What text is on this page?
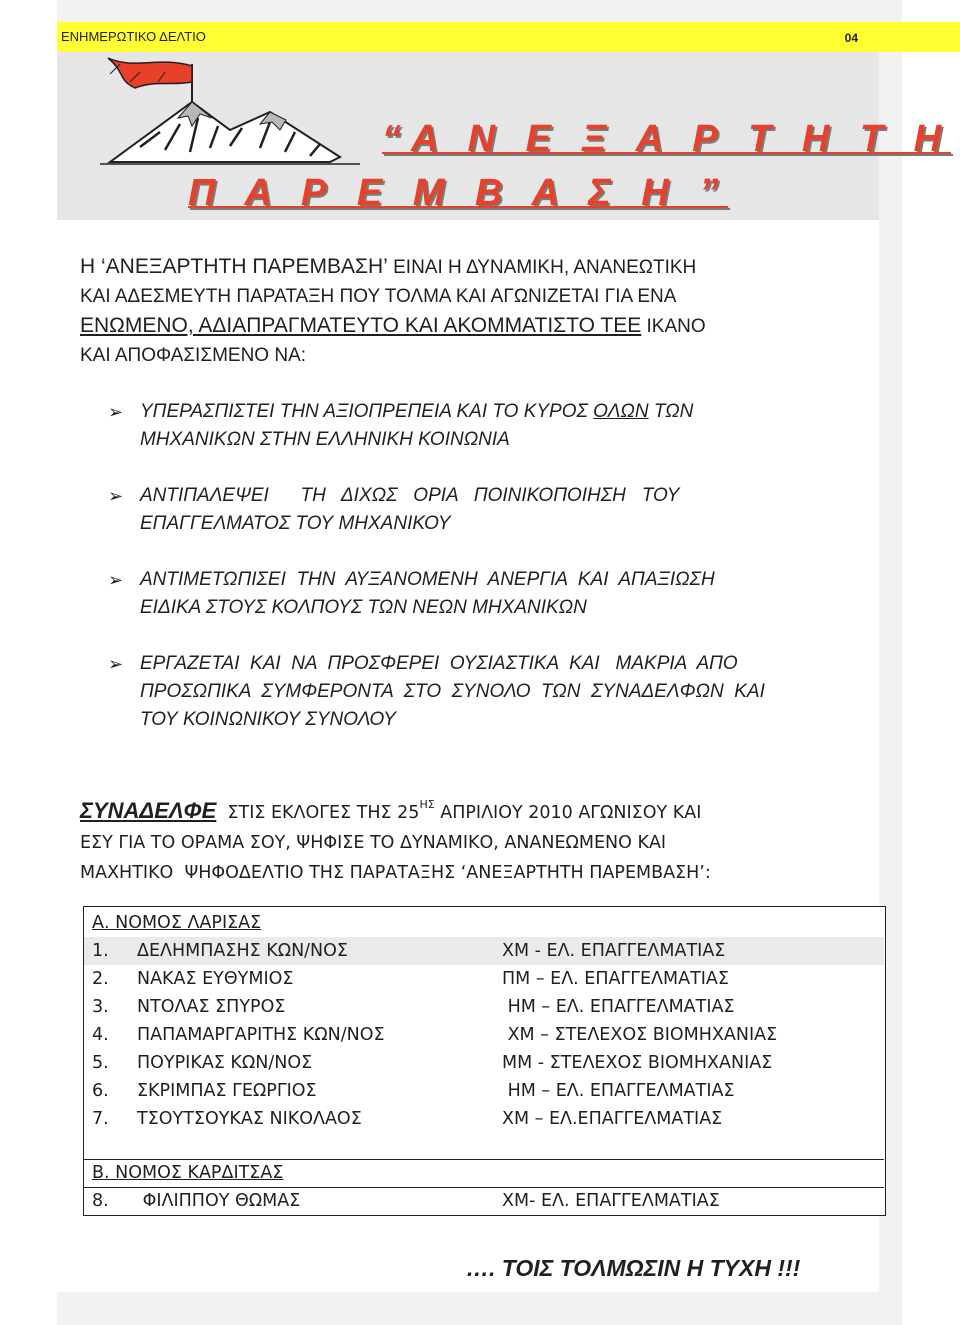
ΕΝΗΜΕΡΩΤΙΚΟ ΔΕΛΤΙΟ	04
“Α Ν Ε Ξ Α Ρ Τ Η Τ Η
Π Α Ρ Ε Μ Β Α Σ Η ”
Η ‘ΑΝΕΞΑΡΤΗΤΗ ΠΑΡΕΜΒΑΣΗ’ ΕΙΝΑΙ Η ΔΥΝΑΜΙΚΗ, ΑΝΑΝΕΩΤΙΚΗ
ΚΑΙ ΑΔΕΣΜΕΥΤΗ ΠΑΡΑΤΑΞΗ ΠΟΥ ΤΟΛΜΑ ΚΑΙ ΑΓΩΝΙΖΕΤΑΙ ΓΙΑ ΕΝΑ
ΕΝΩΜΕΝΟ, ΑΔΙΑΠΡΑΓΜΑΤΕΥΤΟ ΚΑΙ ΑΚΟΜΜΑΤΙΣΤΟ ΤΕΕ ΙΚΑΝΟ
ΚΑΙ ΑΠΟΦΑΣΙΣΜΕΝΟ ΝΑ:
➢ ΥΠΕΡΑΣΠΙΣΤΕΙ ΤΗΝ ΑΞΙΟΠΡΕΠΕΙΑ ΚΑΙ ΤΟ ΚΥΡΟΣ ΟΛΩΝ ΤΩΝ
ΜΗΧΑΝΙΚΩΝ ΣΤΗΝ ΕΛΛΗΝΙΚΗ ΚΟΙΝΩΝΙΑ
➢ ΑΝΤΙΠΑΛΕΨΕΙ      ΤΗ   ΔΙΧΩΣ   ΟΡΙΑ   ΠΟΙΝΙΚΟΠΟΙΗΣΗ   ΤΟΥ
ΕΠΑΓΓΕΛΜΑΤΟΣ ΤΟΥ ΜΗΧΑΝΙΚΟΥ
➢ ΑΝΤΙΜΕΤΩΠΙΣΕΙ  ΤΗΝ  ΑΥΞΑΝΟΜΕΝΗ  ΑΝΕΡΓΙΑ  ΚΑΙ  ΑΠΑΞΙΩΣΗ
ΕΙΔΙΚΑ ΣΤΟΥΣ ΚΟΛΠΟΥΣ ΤΩΝ ΝΕΩΝ ΜΗΧΑΝΙΚΩΝ
➢ ΕΡΓΑΖΕΤΑΙ  ΚΑΙ  ΝΑ  ΠΡΟΣΦΕΡΕΙ  ΟΥΣΙΑΣΤΙΚΑ  ΚΑΙ   ΜΑΚΡΙΑ  ΑΠΟ
ΠΡΟΣΩΠΙΚΑ  ΣΥΜΦΕΡΟΝΤΑ  ΣΤΟ  ΣΥΝΟΛΟ  ΤΩΝ  ΣΥΝΑΔΕΛΦΩΝ  ΚΑΙ
ΤΟΥ ΚΟΙΝΩΝΙΚΟΥ ΣΥΝΟΛΟΥ
ΣΥΝΑΔΕΛΦΕ  ΣΤΙΣ ΕΚΛΟΓΕΣ ΤΗΣ $25^{H\Sigma}$ ΑΠΡΙΛΙΟΥ 2010 ΑΓΩΝΙΣΟΥ ΚΑΙ
ΕΣΥ ΓΙΑ ΤΟ ΟΡΑΜΑ ΣΟΥ, ΨΗΦΙΣΕ ΤΟ ΔΥΝΑΜΙΚΟ, ΑΝΑΝΕΩΜΕΝΟ ΚΑΙ
ΜΑΧΗΤΙΚΟ  ΨΗΦΟΔΕΛΤΙΟ ΤΗΣ ΠΑΡΑΤΑΞΗΣ ‘ΑΝΕΞΑΡΤΗΤΗ ΠΑΡΕΜΒΑΣΗ’:
Α. ΝΟΜΟΣ ΛΑΡΙΣΑΣ
1. ΔΕΛΗΜΠΑΣΗΣ ΚΩΝ/ΝΟΣ	ΧΜ - ΕΛ. ΕΠΑΓΓΕΛΜΑΤΙΑΣ
2. ΝΑΚΑΣ ΕΥΘΥΜΙΟΣ	ΠΜ – ΕΛ. ΕΠΑΓΓΕΛΜΑΤΙΑΣ
3. ΝΤΟΛΑΣ ΣΠΥΡΟΣ	ΗΜ – ΕΛ. ΕΠΑΓΓΕΛΜΑΤΙΑΣ
4. ΠΑΠΑΜΑΡΓΑΡΙΤΗΣ ΚΩΝ/ΝΟΣ	ΧΜ – ΣΤΕΛΕΧΟΣ ΒΙΟΜΗΧΑΝΙΑΣ
5. ΠΟΥΡΙΚΑΣ ΚΩΝ/ΝΟΣ	ΜΜ - ΣΤΕΛΕΧΟΣ ΒΙΟΜΗΧΑΝΙΑΣ
6. ΣΚΡΙΜΠΑΣ ΓΕΩΡΓΙΟΣ	ΗΜ – ΕΛ. ΕΠΑΓΓΕΛΜΑΤΙΑΣ
7. ΤΣΟΥΤΣΟΥΚΑΣ ΝΙΚΟΛΑΟΣ	ΧΜ – ΕΛ.ΕΠΑΓΓΕΛΜΑΤΙΑΣ
Β. ΝΟΜΟΣ ΚΑΡΔΙΤΣΑΣ
8. ΦΙΛΙΠΠΟΥ ΘΩΜΑΣ	ΧΜ- ΕΛ. ΕΠΑΓΓΕΛΜΑΤΙΑΣ
…. ΤΟΙΣ ΤΟΛΜΩΣΙΝ Η ΤΥΧΗ !!!
